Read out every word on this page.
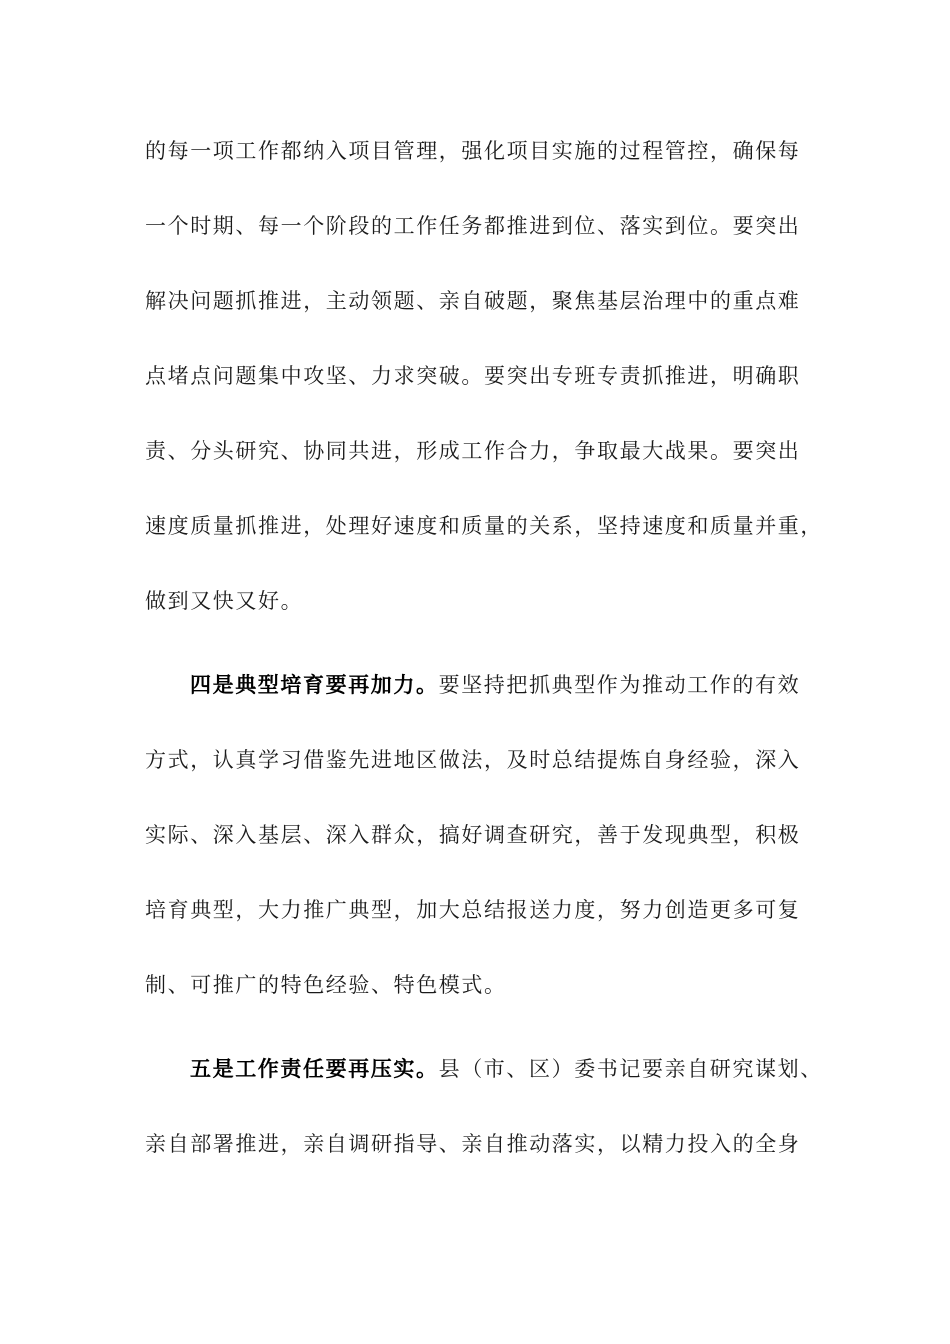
的每一项工作都纳入项目管理，强化项目实施的过程管控，确保每
一个时期、每一个阶段的工作任务都推进到位、落实到位。要突出
解决问题抓推进，主动领题、亲自破题，聚焦基层治理中的重点难
点堵点问题集中攻坚、力求突破。要突出专班专责抓推进，明确职
责、分头研究、协同共进，形成工作合力，争取最大战果。要突出
速度质量抓推进，处理好速度和质量的关系，坚持速度和质量并重，
做到又快又好。
四是典型培育要再加力。要坚持把抓典型作为推动工作的有效
方式，认真学习借鉴先进地区做法，及时总结提炼自身经验，深入
实际、深入基层、深入群众，搞好调查研究，善于发现典型，积极
培育典型，大力推广典型，加大总结报送力度，努力创造更多可复
制、可推广的特色经验、特色模式。
五是工作责任要再压实。县（市、区）委书记要亲自研究谋划、
亲自部署推进，亲自调研指导、亲自推动落实，以精力投入的全身
